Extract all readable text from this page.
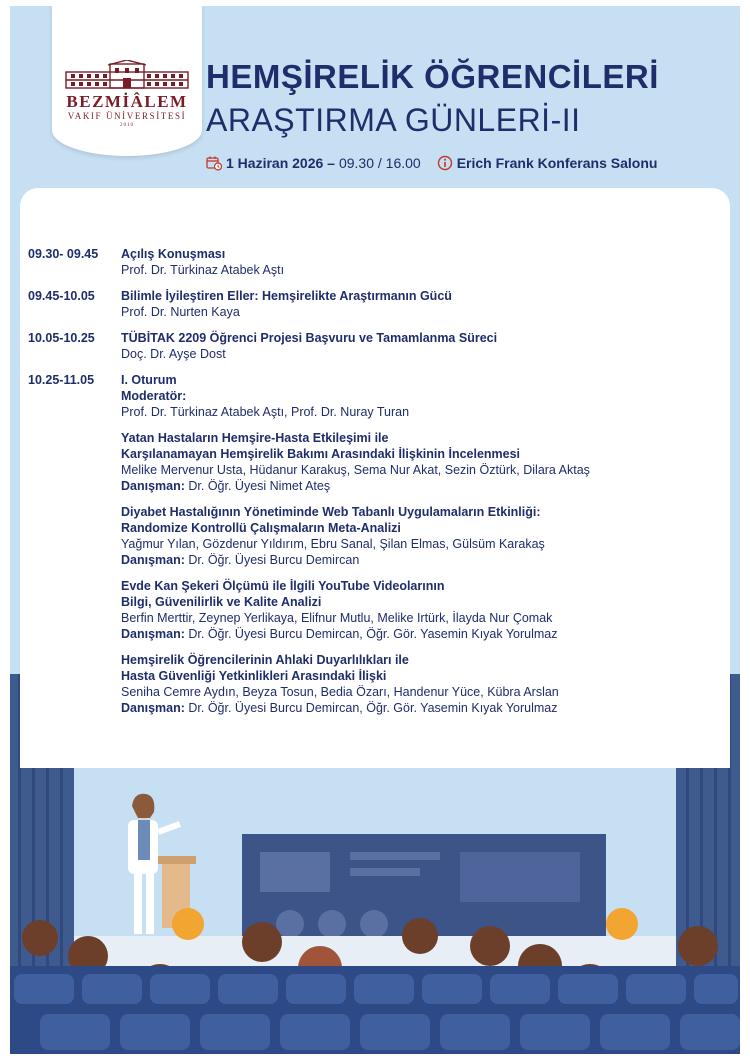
BEZMİÂLEM
VAKIF ÜNİVERSİTESİ
2010
HEMŞİRELİK ÖĞRENCİLERİ
ARAŞTIRMA GÜNLERİ-II
1 Haziran 2026 – 09.30 / 16.00	Erich Frank Konferans Salonu
09.30- 09.45	Açılış Konuşması
Prof. Dr. Türkinaz Atabek Aştı
09.45-10.05	Bilimle İyileştiren Eller: Hemşirelikte Araştırmanın Gücü
Prof. Dr. Nurten Kaya
10.05-10.25	TÜBİTAK 2209 Öğrenci Projesi Başvuru ve Tamamlanma Süreci
Doç. Dr. Ayşe Dost
10.25-11.05	I. Oturum
Moderatör:
Prof. Dr. Türkinaz Atabek Aştı, Prof. Dr. Nuray Turan
Yatan Hastaların Hemşire-Hasta Etkileşimi ile
Karşılanamayan Hemşirelik Bakımı Arasındaki İlişkinin İncelenmesi
Melike Mervenur Usta, Hüdanur Karakuş, Sema Nur Akat, Sezin Öztürk, Dilara Aktaş
Danışman: Dr. Öğr. Üyesi Nimet Ateş
Diyabet Hastalığının Yönetiminde Web Tabanlı Uygulamaların Etkinliği:
Randomize Kontrollü Çalışmaların Meta-Analizi
Yağmur Yılan, Gözdenur Yıldırım, Ebru Sanal, Şilan Elmas, Gülsüm Karakaş
Danışman: Dr. Öğr. Üyesi Burcu Demircan
Evde Kan Şekeri Ölçümü ile İlgili YouTube Videolarının
Bilgi, Güvenilirlik ve Kalite Analizi
Berfin Merttir, Zeynep Yerlikaya, Elifnur Mutlu, Melike Irtürk, İlayda Nur Çomak
Danışman: Dr. Öğr. Üyesi Burcu Demircan, Öğr. Gör. Yasemin Kıyak Yorulmaz
Hemşirelik Öğrencilerinin Ahlaki Duyarlılıkları ile
Hasta Güvenliği Yetkinlikleri Arasındaki İlişki
Seniha Cemre Aydın, Beyza Tosun, Bedia Özarı, Handenur Yüce, Kübra Arslan
Danışman: Dr. Öğr. Üyesi Burcu Demircan, Öğr. Gör. Yasemin Kıyak Yorulmaz
